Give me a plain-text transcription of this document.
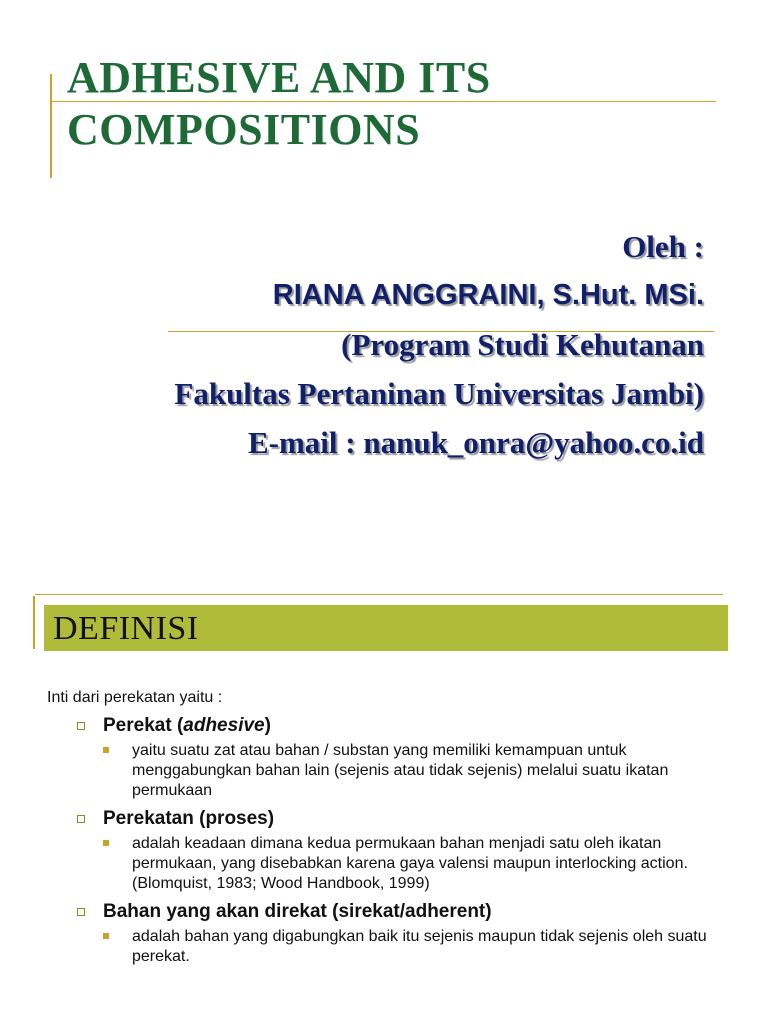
ADHESIVE AND ITS
COMPOSITIONS
Oleh :
RIANA ANGGRAINI, S.Hut. MSi.
(Program Studi Kehutanan
Fakultas Pertaninan Universitas Jambi)
E-mail : nanuk_onra@yahoo.co.id
DEFINISI

Inti dari perekatan yaitu :

Perekat (adhesive)
yaitu suatu zat atau bahan / substan yang memiliki kemampuan untuk menggabungkan bahan lain (sejenis atau tidak sejenis) melalui suatu ikatan permukaan
Perekatan (proses)
adalah keadaan dimana kedua permukaan bahan menjadi satu oleh ikatan permukaan, yang disebabkan karena gaya valensi maupun interlocking action. (Blomquist, 1983; Wood Handbook, 1999)
Bahan yang akan direkat (sirekat/adherent)
adalah bahan yang digabungkan baik itu sejenis maupun tidak sejenis oleh suatu perekat.
